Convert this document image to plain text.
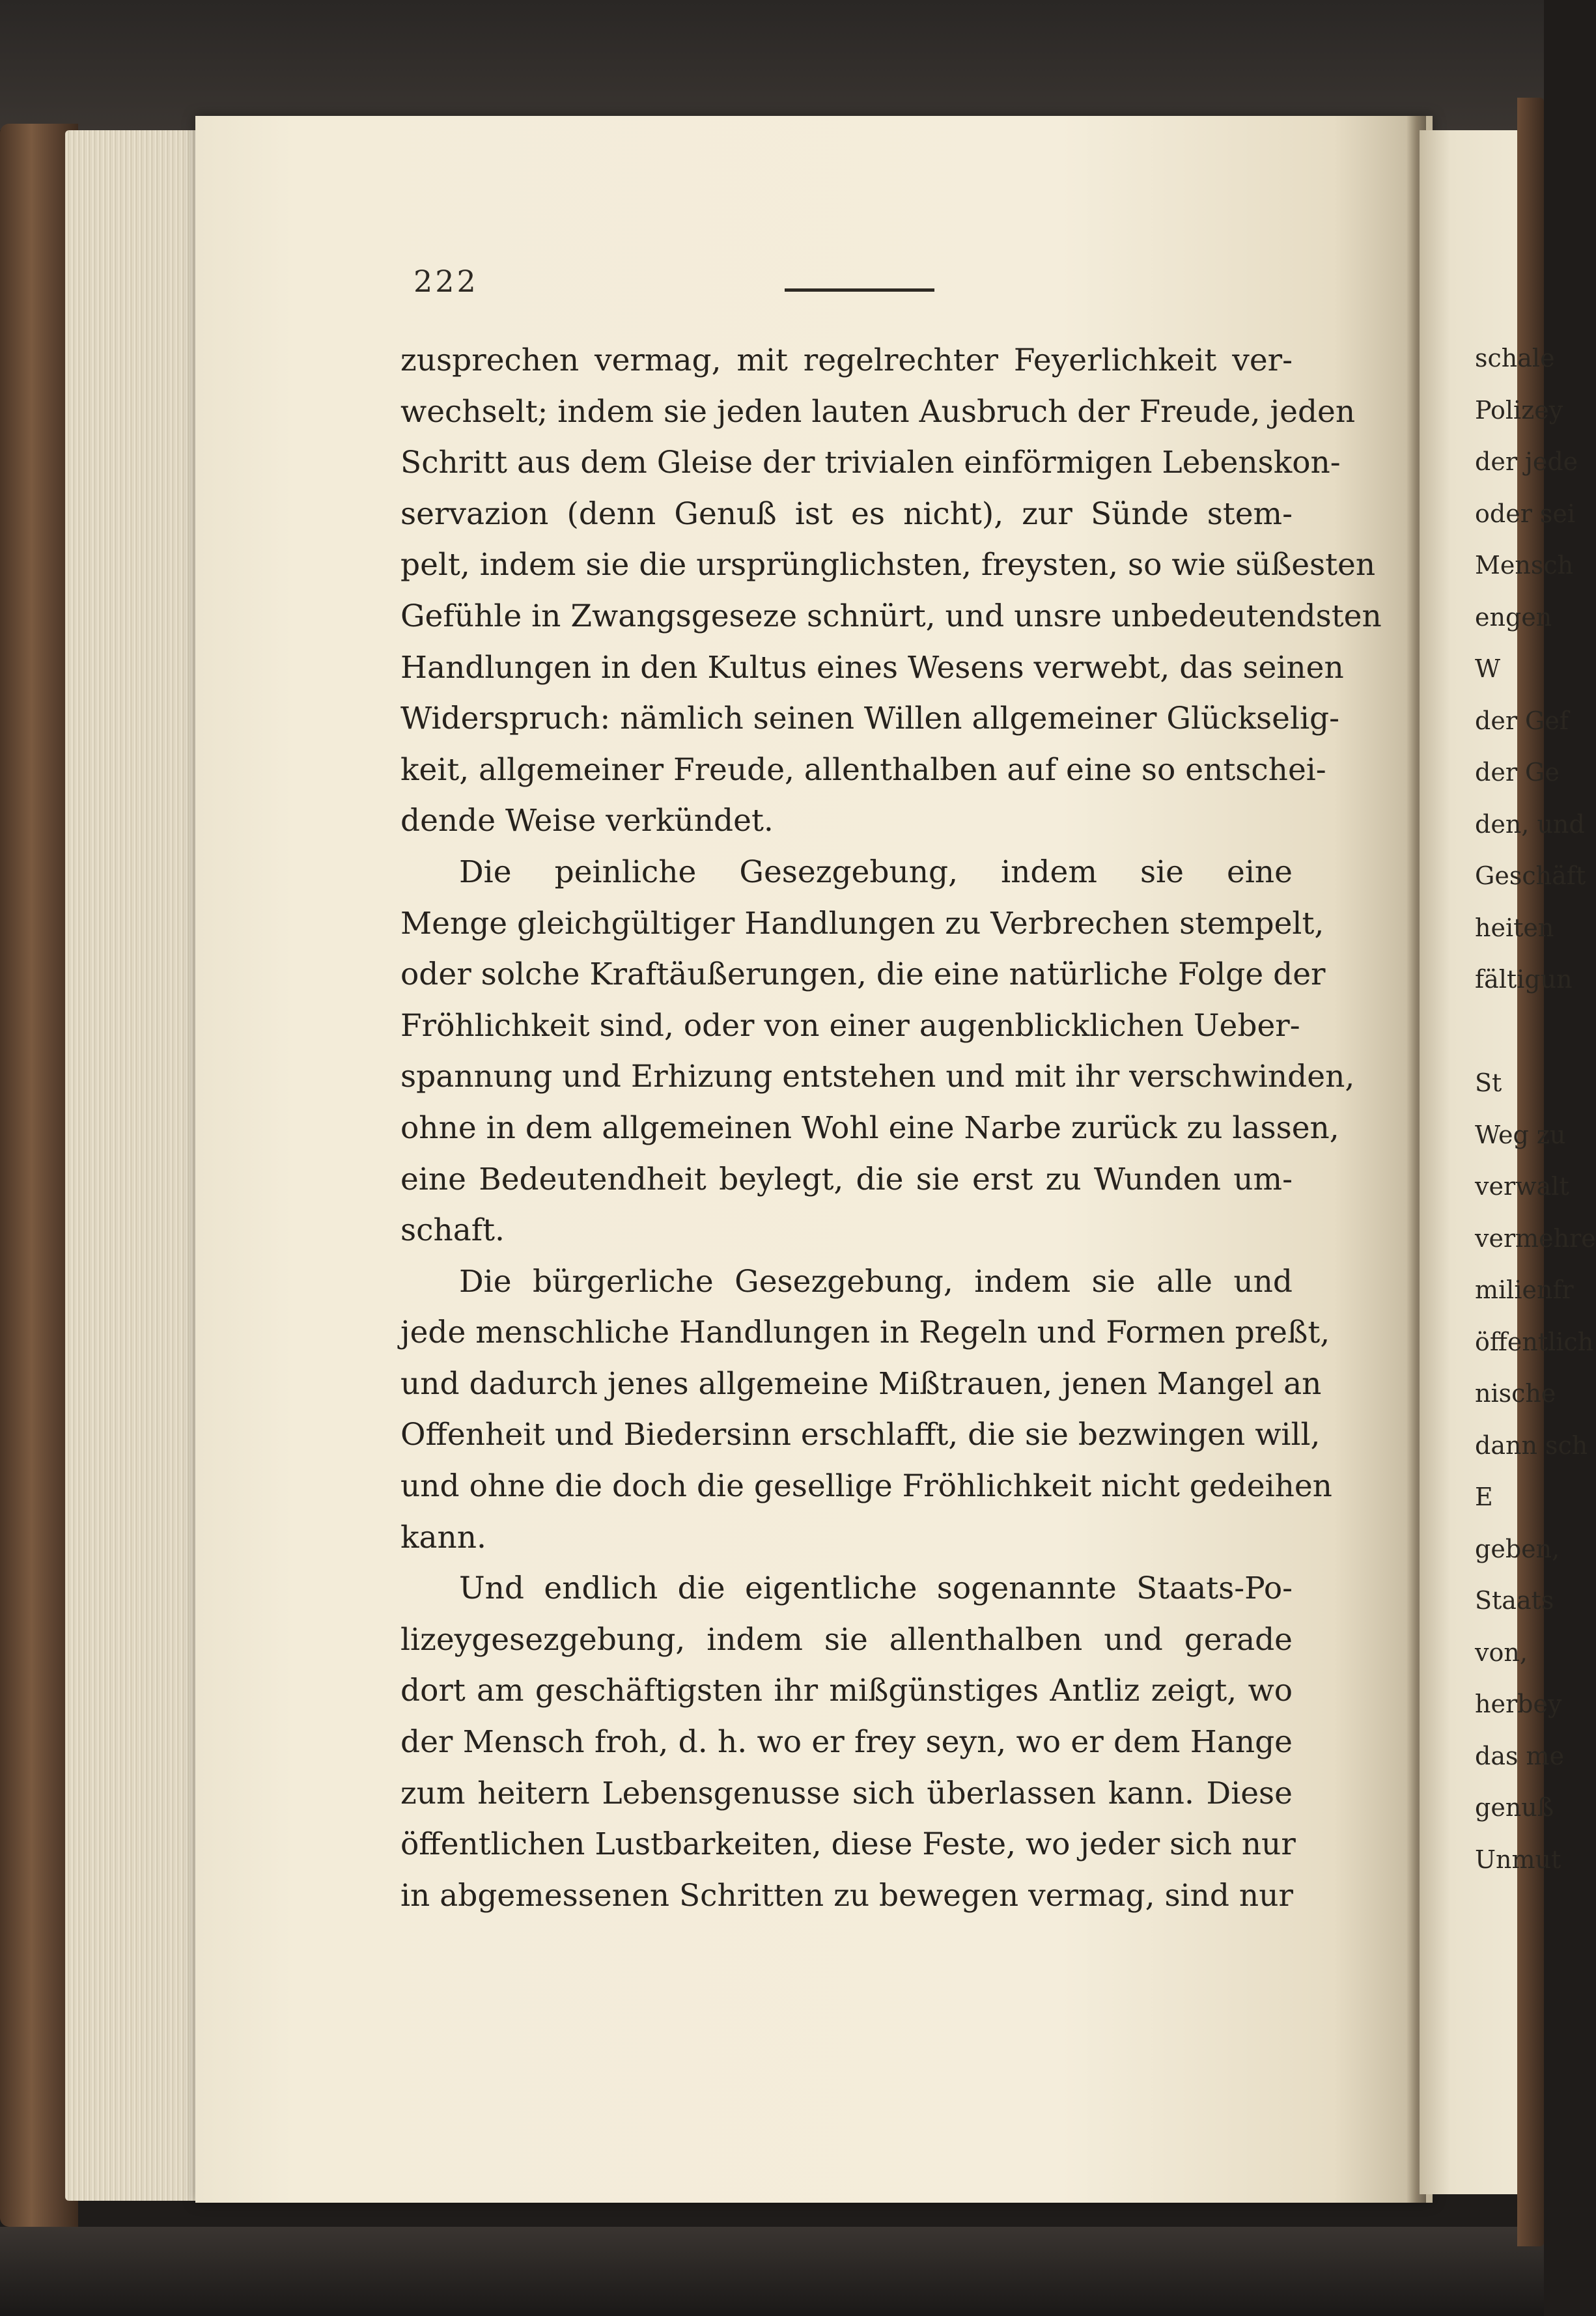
222
zusprechen vermag, mit regelrechter Feyerlichkeit ver-
wechselt; indem sie jeden lauten Ausbruch der Freude, jeden
Schritt aus dem Gleise der trivialen einförmigen Lebenskon-
servazion (denn Genuß ist es nicht), zur Sünde stem-
pelt, indem sie die ursprünglichsten, freysten, so wie süßesten
Gefühle in Zwangsgeseze schnürt, und unsre unbedeutendsten
Handlungen in den Kultus eines Wesens verwebt, das seinen
Widerspruch: nämlich seinen Willen allgemeiner Glückselig-
keit, allgemeiner Freude, allenthalben auf eine so entschei-
dende Weise verkündet.
Die peinliche Gesezgebung, indem sie eine
Menge gleichgültiger Handlungen zu Verbrechen stempelt,
oder solche Kraftäußerungen, die eine natürliche Folge der
Fröhlichkeit sind, oder von einer augenblicklichen Ueber-
spannung und Erhizung entstehen und mit ihr verschwinden,
ohne in dem allgemeinen Wohl eine Narbe zurück zu lassen,
eine Bedeutendheit beylegt, die sie erst zu Wunden um-
schaft.
Die bürgerliche Gesezgebung, indem sie alle und
jede menschliche Handlungen in Regeln und Formen preßt,
und dadurch jenes allgemeine Mißtrauen, jenen Mangel an
Offenheit und Biedersinn erschlafft, die sie bezwingen will,
und ohne die doch die gesellige Fröhlichkeit nicht gedeihen
kann.
Und endlich die eigentliche sogenannte Staats-Po-
lizeygesezgebung, indem sie allenthalben und gerade
dort am geschäftigsten ihr mißgünstiges Antliz zeigt, wo
der Mensch froh, d. h. wo er frey seyn, wo er dem Hange
zum heitern Lebensgenusse sich überlassen kann. Diese
öffentlichen Lustbarkeiten, diese Feste, wo jeder sich nur
in abgemessenen Schritten zu bewegen vermag, sind nur
schale
Polizey
der jede
oder sei
Mensch
engen
W
der Gef
der Ge
den, und
Geschäft
heiten
fältigun
St
Weg zu
verwalt
vermehre
milienfr
öffentlich
nische
dann sch
E
geben,
Staats
von,
herbey
das me
genuß
Unmut
